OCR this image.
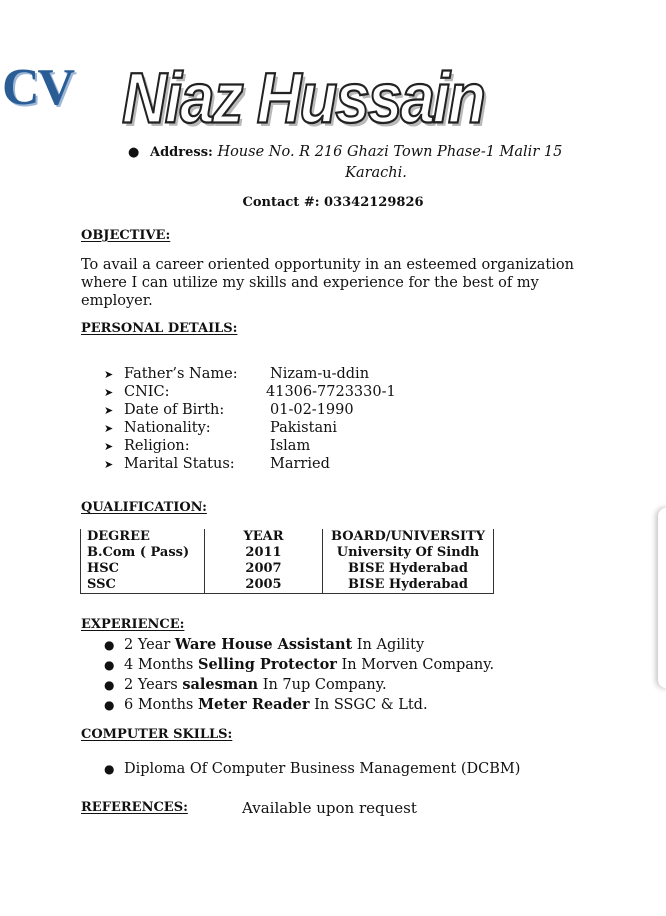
CV Niaz Hussain
● Address: House No. R 216 Ghazi Town Phase-1 Malir 15
Karachi.
Contact #: 03342129826
OBJECTIVE:
To avail a career oriented opportunity in an esteemed organization where I can utilize my skills and experience for the best of my employer.
PERSONAL DETAILS:
➤ Father’s Name: Nizam-u-ddin
➤ CNIC:	41306-7723330-1
➤ Date of Birth:	01-02-1990
➤ Nationality:	Pakistani
➤ Religion:	Islam
➤ Marital Status: Married
QUALIFICATION:
DEGREE	YEAR	BOARD/UNIVERSITY
B.Com ( Pass)	2011	University Of Sindh
HSC	2007	BISE Hyderabad
SSC	2005	BISE Hyderabad
EXPERIENCE:
● 2 Year Ware House Assistant In Agility
● 4 Months Selling Protector In Morven Company.
● 2 Years salesman In 7up Company.
● 6 Months Meter Reader In SSGC & Ltd.
COMPUTER SKILLS:
● Diploma Of Computer Business Management (DCBM)
REFERENCES:	Available upon request
